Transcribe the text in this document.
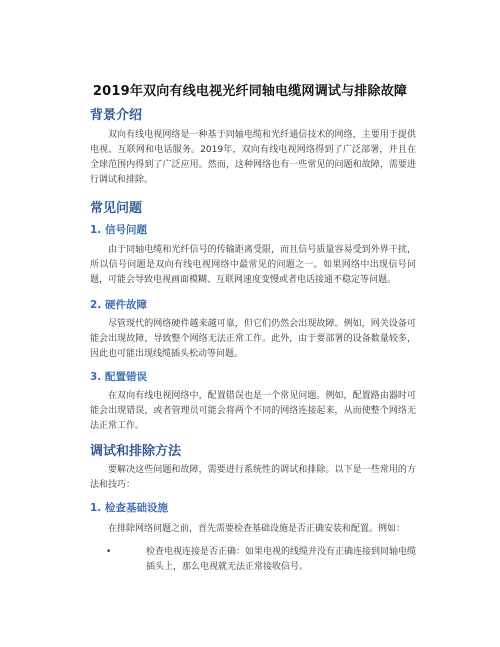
2019年双向有线电视光纤同轴电缆网调试与排除故障
背景介绍

双向有线电视网络是一种基于同轴电缆和光纤通信技术的网络，主要用于提供电视、互联网和电话服务。2019年，双向有线电视网络得到了广泛部署，并且在全球范围内得到了广泛应用。然而，这种网络也有一些常见的问题和故障，需要进行调试和排除。

常见问题
1. 信号问题

由于同轴电缆和光纤信号的传输距离受限，而且信号质量容易受到外界干扰，所以信号问题是双向有线电视网络中最常见的问题之一。如果网络中出现信号问题，可能会导致电视画面模糊、互联网速度变慢或者电话接通不稳定等问题。

2. 硬件故障

尽管现代的网络硬件越来越可靠，但它们仍然会出现故障。例如，网关设备可能会出现故障，导致整个网络无法正常工作。此外，由于要部署的设备数量较多，因此也可能出现线缆插头松动等问题。

3. 配置错误

在双向有线电视网络中，配置错误也是一个常见问题。例如，配置路由器时可能会出现错误，或者管理员可能会将两个不同的网络连接起来，从而使整个网络无法正常工作。

调试和排除方法

要解决这些问题和故障，需要进行系统性的调试和排除。以下是一些常用的方法和技巧：

1. 检查基础设施

在排除网络问题之前，首先需要检查基础设施是否正确安装和配置。例如：

•	检查电视连接是否正确：如果电视的线缆并没有正确连接到同轴电缆插头上，那么电视就无法正常接收信号。
